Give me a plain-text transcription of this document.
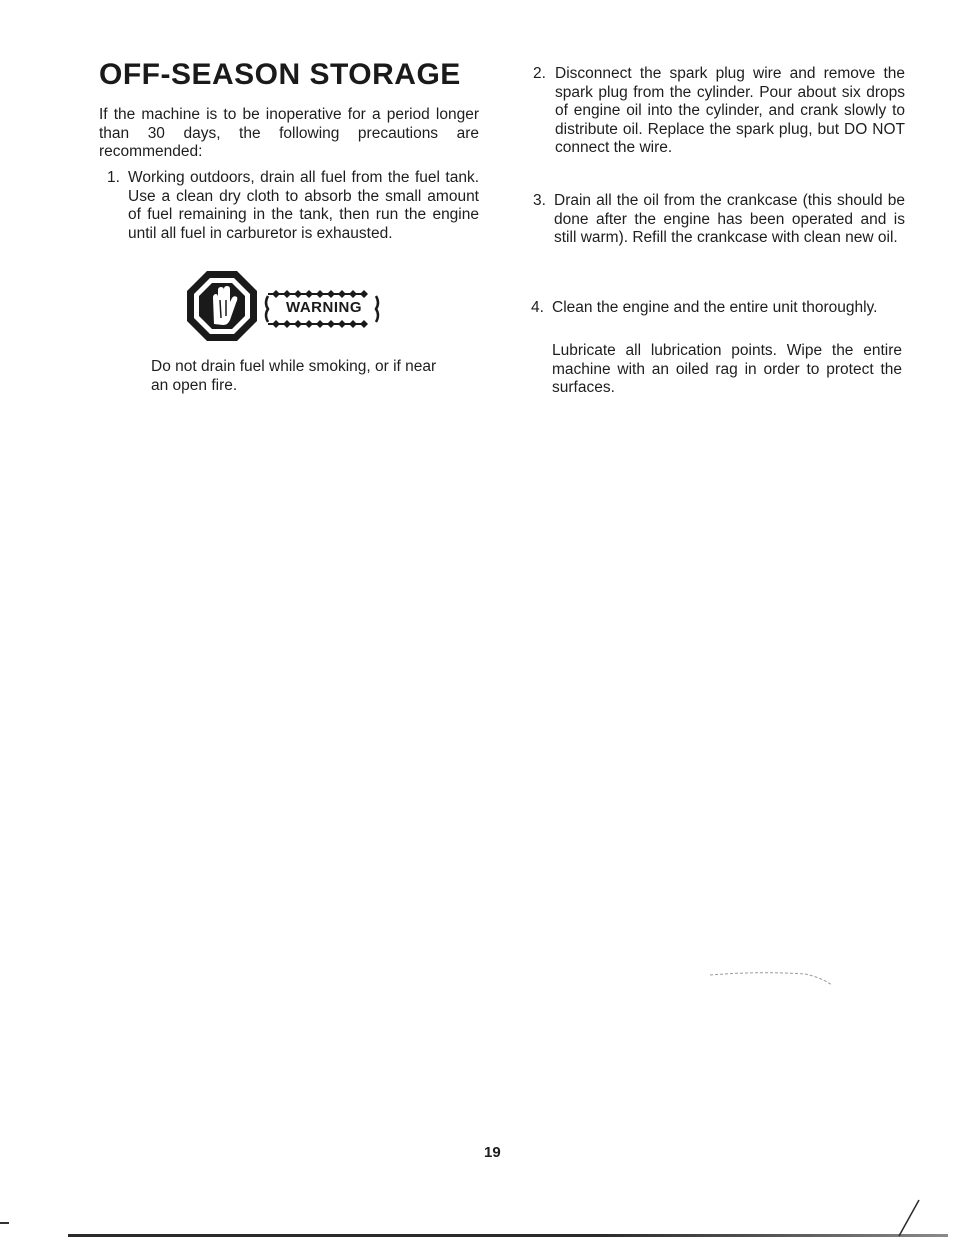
OFF-SEASON STORAGE

If the machine is to be inoperative for a period longer than 30 days, the following precautions are recommended:

1. Working outdoors, drain all fuel from the fuel tank. Use a clean dry cloth to absorb the small amount of fuel remaining in the tank, then run the engine until all fuel in carburetor is exhausted.

WARNING

Do not drain fuel while smoking, or if near an open fire.

2. Disconnect the spark plug wire and remove the spark plug from the cylinder. Pour about six drops of engine oil into the cylinder, and crank slowly to distribute oil. Replace the spark plug, but DO NOT connect the wire.

3. Drain all the oil from the crankcase (this should be done after the engine has been operated and is still warm). Refill the crankcase with clean new oil.

4. Clean the engine and the entire unit thoroughly.

Lubricate all lubrication points. Wipe the entire machine with an oiled rag in order to protect the surfaces.

19
